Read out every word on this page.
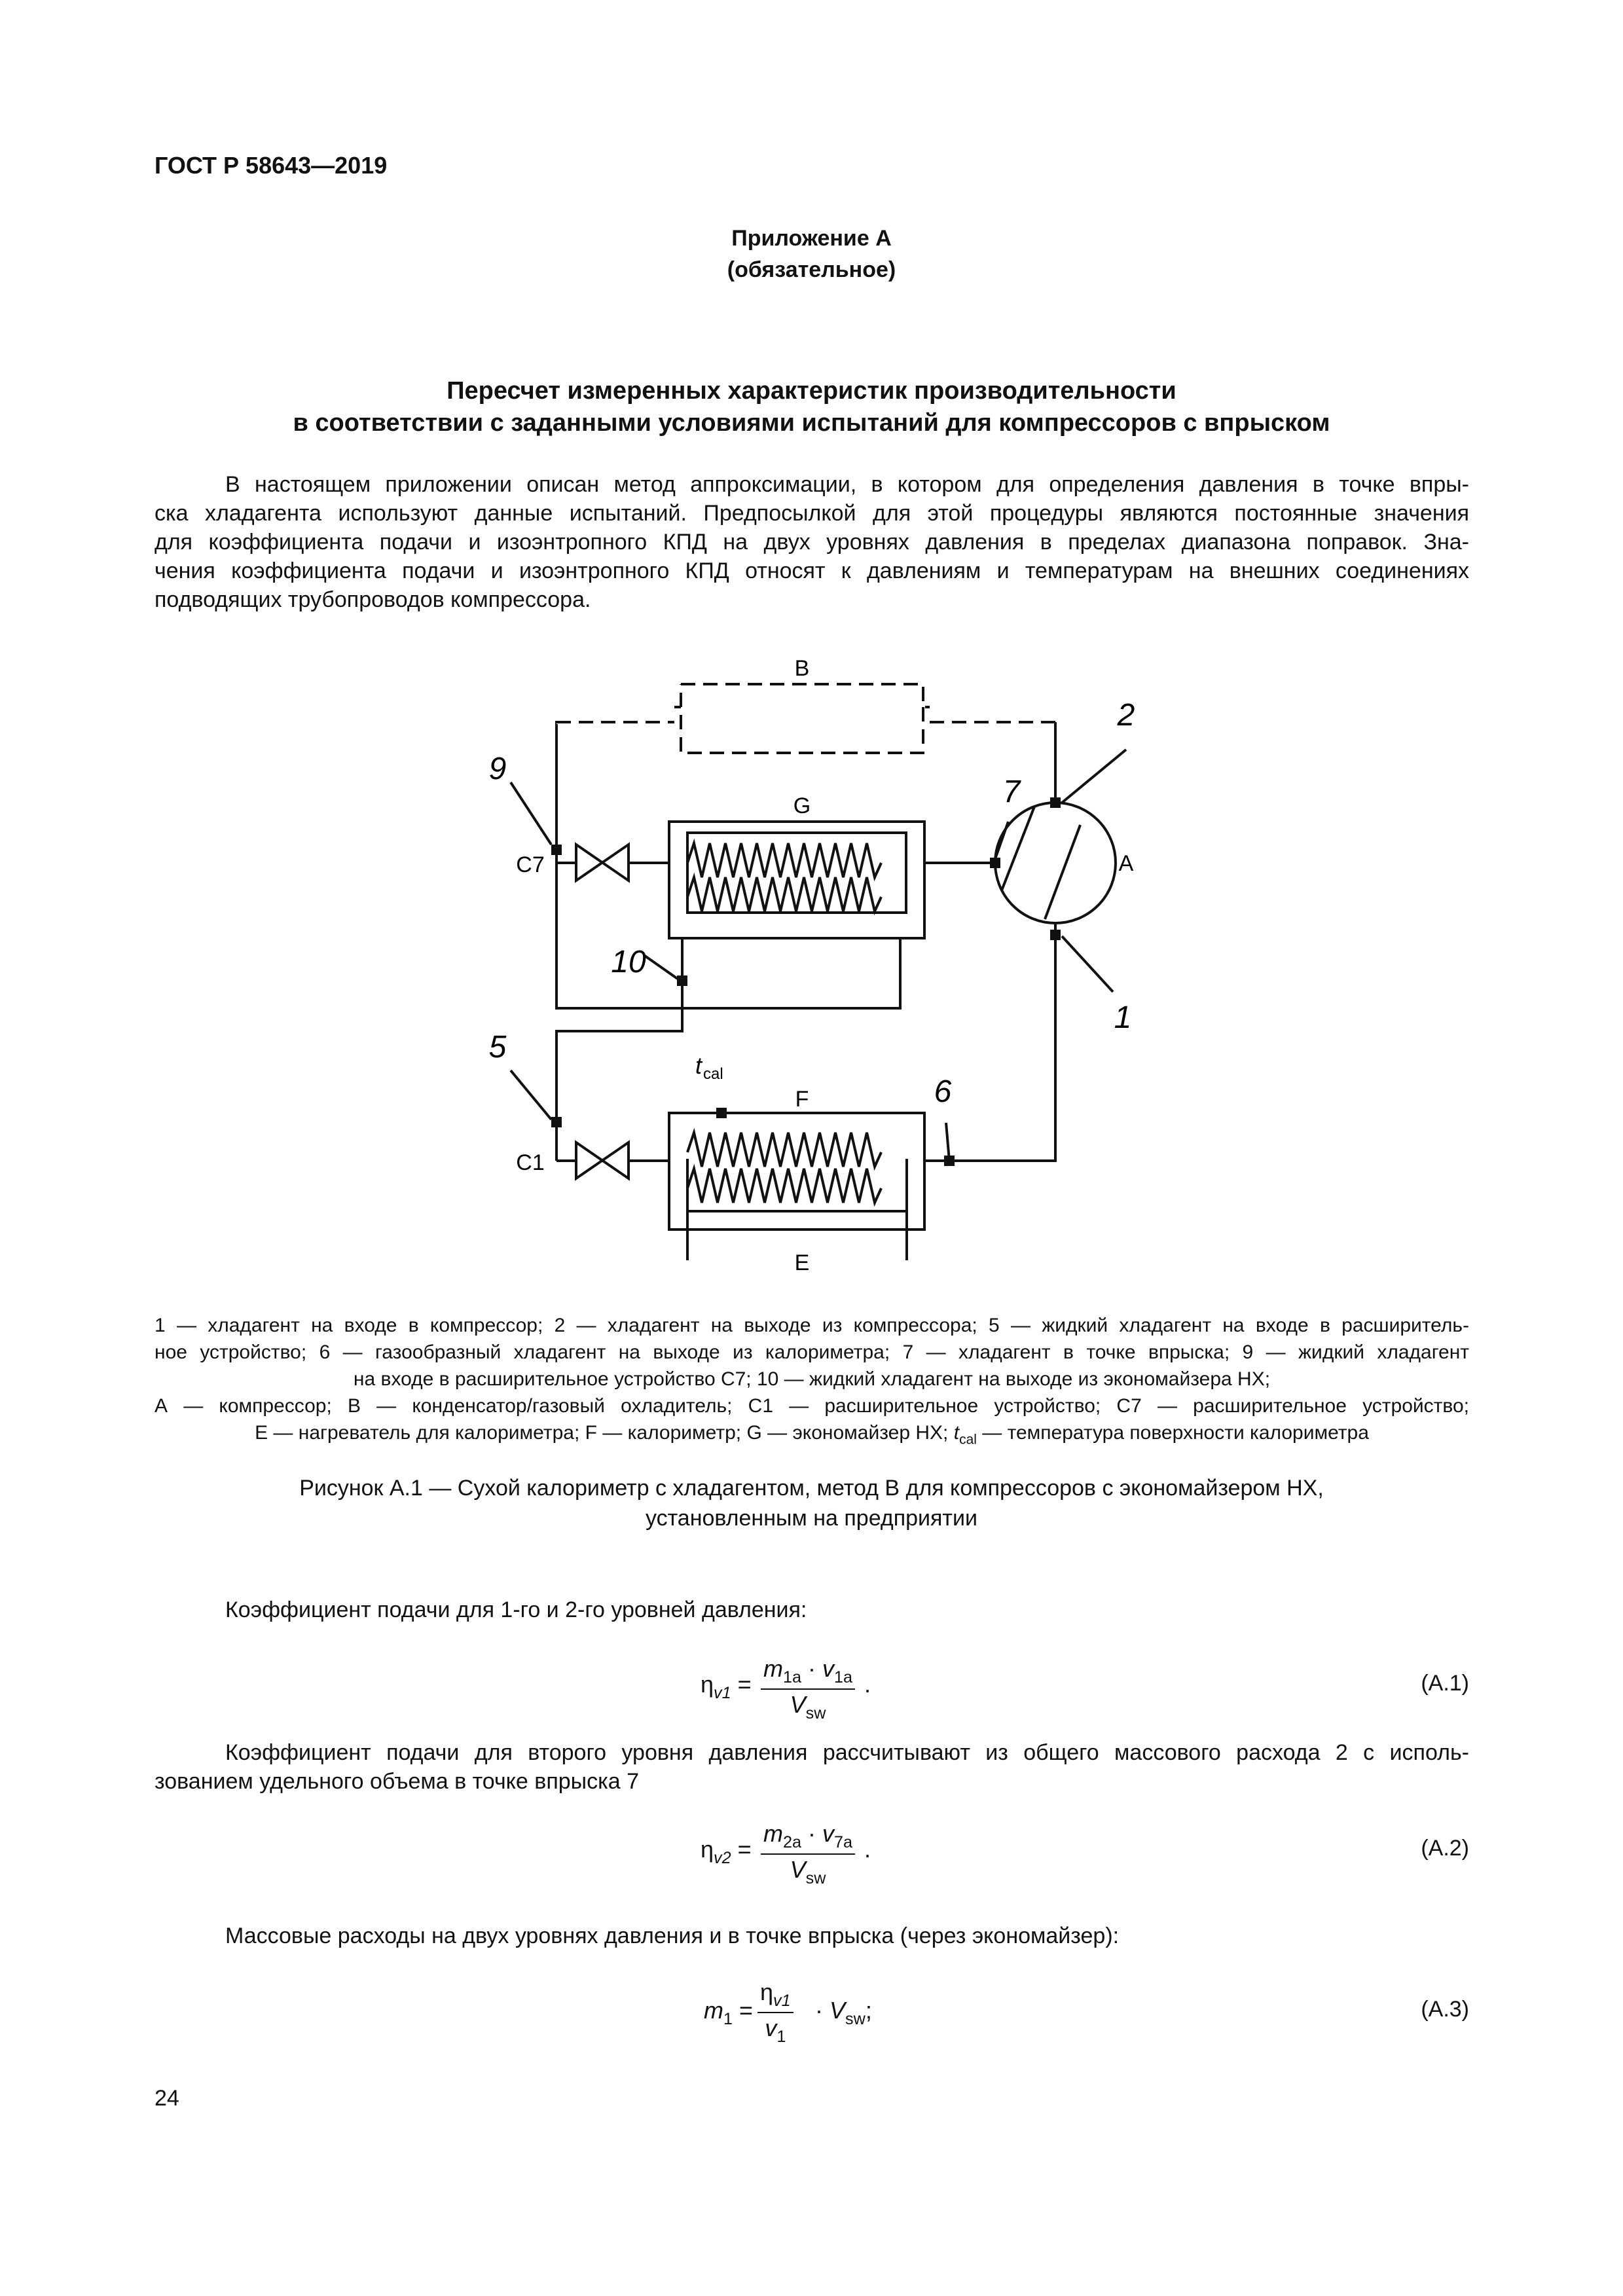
ГОСТ Р 58643—2019
Приложение А
(обязательное)
Пересчет измеренных характеристик производительности
в соответствии с заданными условиями испытаний для компрессоров с впрыском
В настоящем приложении описан метод аппроксимации, в котором для определения давления в точке впры-
ска хладагента используют данные испытаний. Предпосылкой для этой процедуры являются постоянные значения
для коэффициента подачи и изоэнтропного КПД на двух уровнях давления в пределах диапазона поправок. Зна-
чения коэффициента подачи и изоэнтропного КПД относят к давлениям и температурам на внешних соединениях
подводящих трубопроводов компрессора.
B
G
A
F
E
С7
С1
2
9
7
10
1
5
6
$t_{cal}$
1 — хладагент на входе в компрессор; 2 — хладагент на выходе из компрессора; 5 — жидкий хладагент на входе в расширитель-
ное устройство; 6 — газообразный хладагент на выходе из калориметра; 7 — хладагент в точке впрыска; 9 — жидкий хладагент
на входе в расширительное устройство С7; 10 — жидкий хладагент на выходе из экономайзера НХ;
А — компрессор; В — конденсатор/газовый охладитель; С1 — расширительное устройство; С7 — расширительное устройство;
Е — нагреватель для калориметра; F — калориметр; G — экономайзер НХ; $t_{cal}$ — температура поверхности калориметра
Рисунок А.1 — Сухой калориметр с хладагентом, метод В для компрессоров с экономайзером НХ,
установленным на предприятии
Коэффициент подачи для 1-го и 2-го уровней давления:
$\eta_{v1}$ =
$m_{1a} \cdot v_{1a}$
$V_{sw}$
.	(А.1)
Коэффициент подачи для второго уровня давления рассчитывают из общего массового расхода 2 с исполь-
зованием удельного объема в точке впрыска 7
$\eta_{v2}$ =
$m_{2a} \cdot v_{7a}$
$V_{sw}$
.	(А.2)
Массовые расходы на двух уровнях давления и в точке впрыска (через экономайзер):
$m_1 = \frac{\eta_{v1}}{v_1} \cdot V_{sw}$;	(А.3)
24
